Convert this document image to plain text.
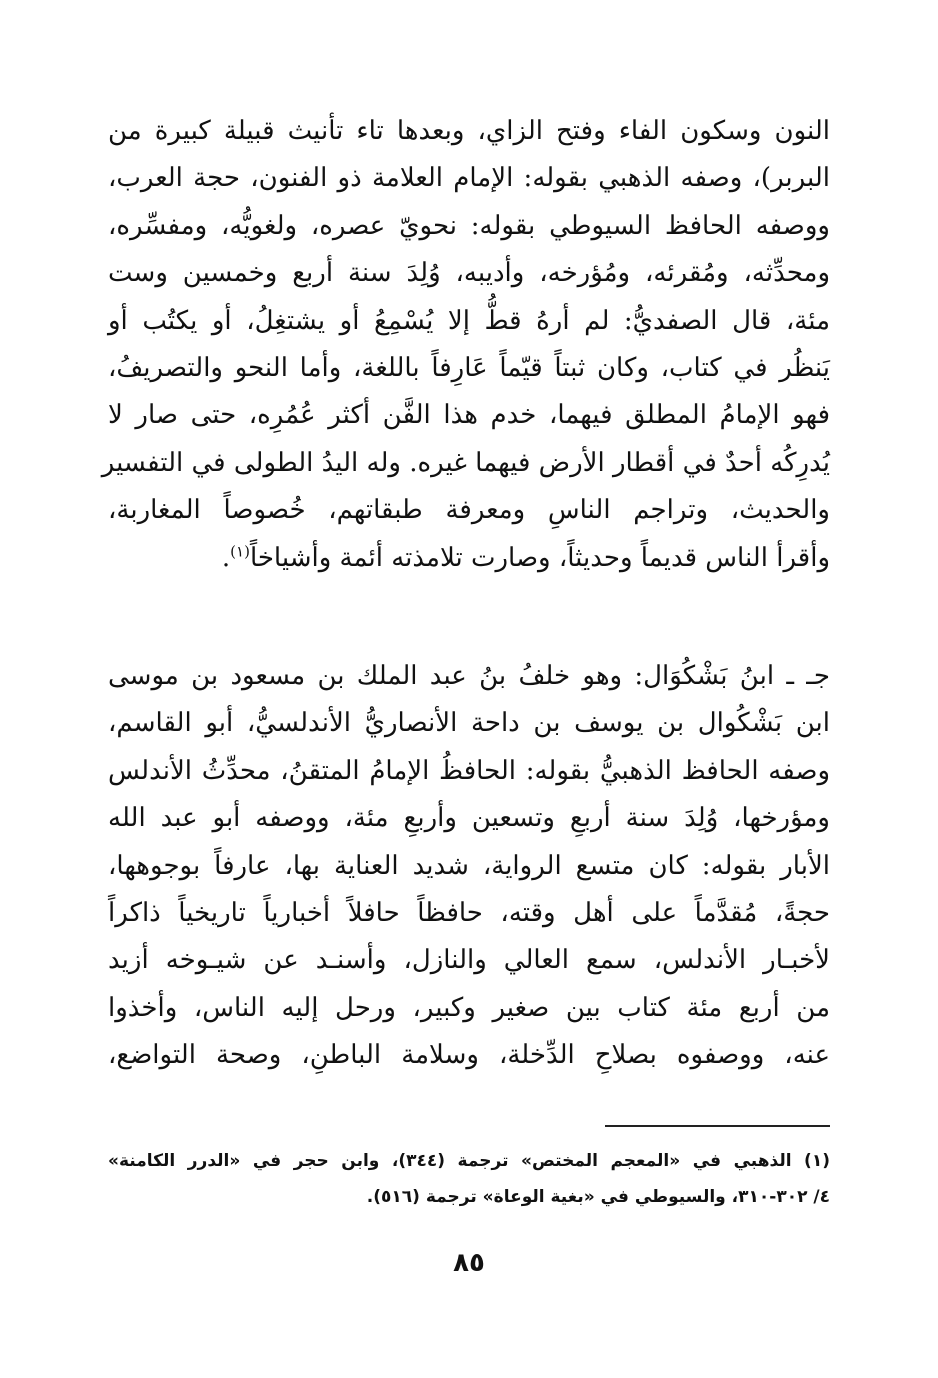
النون وسكون الفاء وفتح الزاي، وبعدها تاء تأنيث قبيلة كبيرة من
البربر)، وصفه الذهبي بقوله: الإمام العلامة ذو الفنون، حجة العرب،
ووصفه الحافظ السيوطي بقوله: نحويّ عصره، ولغويُّه، ومفسِّره،
ومحدِّثه، ومُقرئه، ومُؤرخه، وأديبه، وُلِدَ سنة أربع وخمسين وست
مئة، قال الصفديُّ: لم أرهُ قطُّ إلا يُسْمِعُ أو يشتغِلُ، أو يكتُب أو
يَنظُر في كتاب، وكان ثبتاً قيّماً عَارِفاً باللغة، وأما النحو والتصريفُ،
فهو الإمامُ المطلق فيهما، خدم هذا الفَّن أكثر عُمُرِه، حتى صار لا
يُدرِكُه أحدٌ في أقطار الأرض فيهما غيره. وله اليدُ الطولى في التفسير
والحديث، وتراجم الناسِ ومعرفة طبقاتهم، خُصوصاً المغاربة،
وأقرأ الناس قديماً وحديثاً، وصارت تلامذته أئمة وأشياخاً$^{(١)}$.
جـ ـ ابنُ بَشْكُوَال: وهو خلفُ بنُ عبد الملك بن مسعود بن موسى
ابن بَشْكُوال بن يوسف بن داحة الأنصاريُّ الأندلسيُّ، أبو القاسم،
وصفه الحافظ الذهبيُّ بقوله: الحافظُ الإمامُ المتقنُ، محدِّثُ الأندلس
ومؤرخها، وُلِدَ سنة أربعِ وتسعين وأربعِ مئة، ووصفه أبو عبد الله
الأبار بقوله: كان متسع الرواية، شديد العناية بها، عارفاً بوجوهها،
حجةً، مُقدَّماً على أهل وقته، حافظاً حافلاً أخبارياً تاريخياً ذاكراً
لأخبـار الأندلس، سمع العالي والنازل، وأسنـد عن شيـوخه أزيد
من أربع مئة كتاب بين صغير وكبير، ورحل إليه الناس، وأخذوا
عنه، ووصفوه بصلاحِ الدِّخلة، وسلامة الباطنِ، وصحة التواضع،
(١) الذهبي في «المعجم المختص» ترجمة (٣٤٤)، وابن حجر في «الدرر الكامنة»
٤/ ٣٠٢-٣١٠، والسيوطي في «بغية الوعاة» ترجمة (٥١٦).
٨٥
